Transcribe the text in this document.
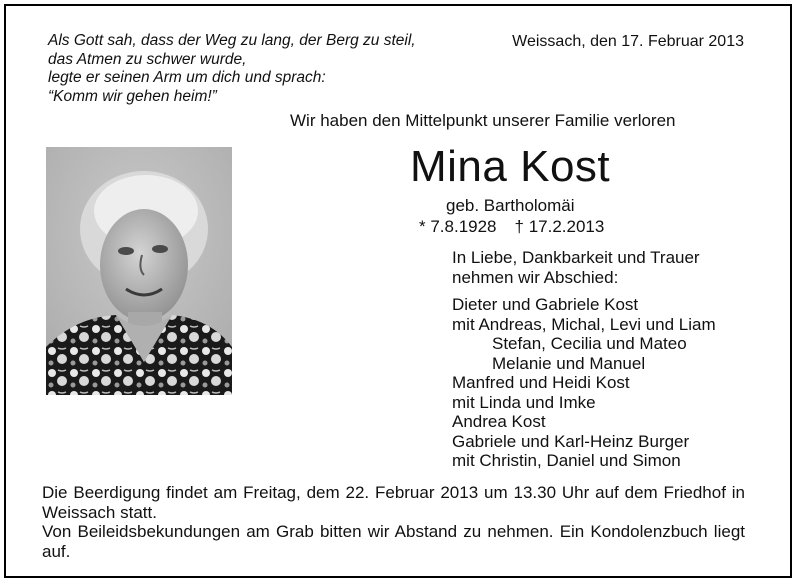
Als Gott sah, dass der Weg zu lang, der Berg zu steil,
das Atmen zu schwer wurde,
legte er seinen Arm um dich und sprach:
“Komm wir gehen heim!”
Weissach, den 17. Februar 2013
Wir haben den Mittelpunkt unserer Familie verloren
Mina Kost
geb. Bartholomäi
* 7.8.1928 † 17.2.2013
In Liebe, Dankbarkeit und Trauer
nehmen wir Abschied:
Dieter und Gabriele Kost
mit Andreas, Michal, Levi und Liam
Stefan, Cecilia und Mateo
Melanie und Manuel
Manfred und Heidi Kost
mit Linda und Imke
Andrea Kost
Gabriele und Karl-Heinz Burger
mit Christin, Daniel und Simon
Die Beerdigung findet am Freitag, dem 22. Februar 2013 um 13.30 Uhr auf dem Friedhof in Weissach statt.
Von Beileidsbekundungen am Grab bitten wir Abstand zu nehmen. Ein Kondolenzbuch liegt auf.
